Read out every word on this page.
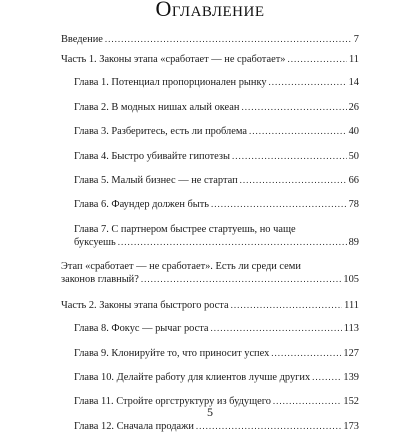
Оглавление
Введение .....	7
Часть 1. Законы этапа «сработает — не сработает» .....	11
Глава 1. Потенциал пропорционален рынку .....	14
Глава 2. В модных нишах алый океан .....	26
Глава 3. Разберитесь, есть ли проблема .....	40
Глава 4. Быстро убивайте гипотезы .....	50
Глава 5. Малый бизнес — не стартап .....	66
Глава 6. Фаундер должен быть .....	78
Глава 7. С партнером быстрее стартуешь, но чаще
буксуешь .....	89
Этап «сработает — не сработает». Есть ли среди семи
законов главный? .....	105
Часть 2. Законы этапа быстрого роста .....	111
Глава 8. Фокус — рычаг роста .....	113
Глава 9. Клонируйте то, что приносит успех .....	127
Глава 10. Делайте работу для клиентов лучше других .....	139
Глава 11. Стройте оргструктуру из будущего .....	152
Глава 12. Сначала продажи .....	173
5
